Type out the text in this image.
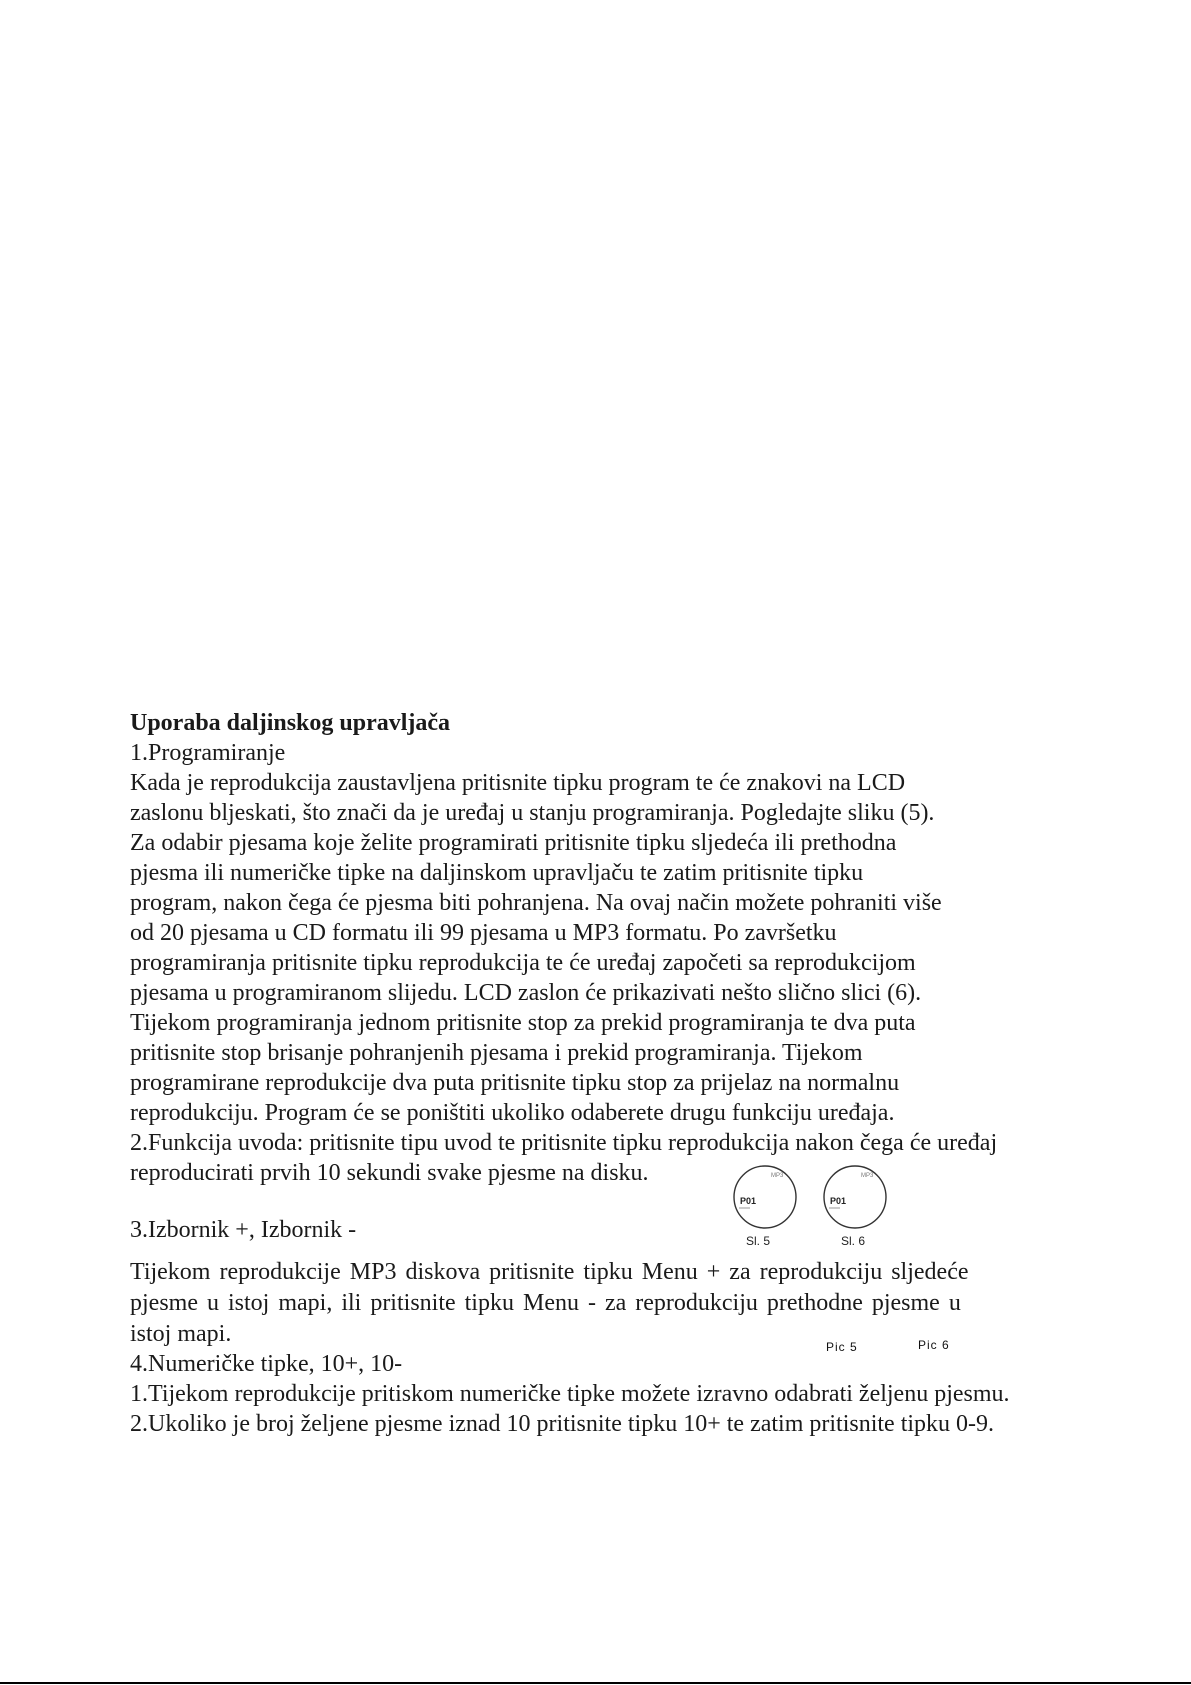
Uporaba daljinskog upravljača
1.Programiranje
Kada je reprodukcija zaustavljena pritisnite tipku program te će znakovi na LCD
zaslonu bljeskati, što znači da je uređaj u stanju programiranja. Pogledajte sliku (5).
Za odabir pjesama koje želite programirati pritisnite tipku sljedeća ili prethodna
pjesma ili numeričke tipke na daljinskom upravljaču te zatim pritisnite tipku
program, nakon čega će pjesma biti pohranjena. Na ovaj način možete pohraniti više
od 20 pjesama u CD formatu ili 99 pjesama u MP3 formatu. Po završetku
programiranja pritisnite tipku reprodukcija te će uređaj započeti sa reprodukcijom
pjesama u programiranom slijedu. LCD zaslon će prikazivati nešto slično slici (6).
Tijekom programiranja jednom pritisnite stop za prekid programiranja te dva puta
pritisnite stop brisanje pohranjenih pjesama i prekid programiranja. Tijekom
programirane reprodukcije dva puta pritisnite tipku stop za prijelaz na normalnu
reprodukciju. Program će se poništiti ukoliko odaberete drugu funkciju uređaja.
2.Funkcija uvoda: pritisnite tipu uvod te pritisnite tipku reprodukcija nakon čega će uređaj
reproducirati prvih 10 sekundi svake pjesme na disku.
3.Izbornik +, Izbornik -
Tijekom reprodukcije MP3 diskova pritisnite tipku Menu + za reprodukciju sljedeće
pjesme u istoj mapi, ili pritisnite tipku Menu - za reprodukciju prethodne pjesme u
istoj mapi.
4.Numeričke tipke, 10+, 10-
1.Tijekom reprodukcije pritiskom numeričke tipke možete izravno odabrati željenu pjesmu.
2.Ukoliko je broj željene pjesme iznad 10 pritisnite tipku 10+ te zatim pritisnite tipku 0-9.
MP3
P01
Sl. 5
MP3
P01
Sl. 6
Pic 5	Pic 6
